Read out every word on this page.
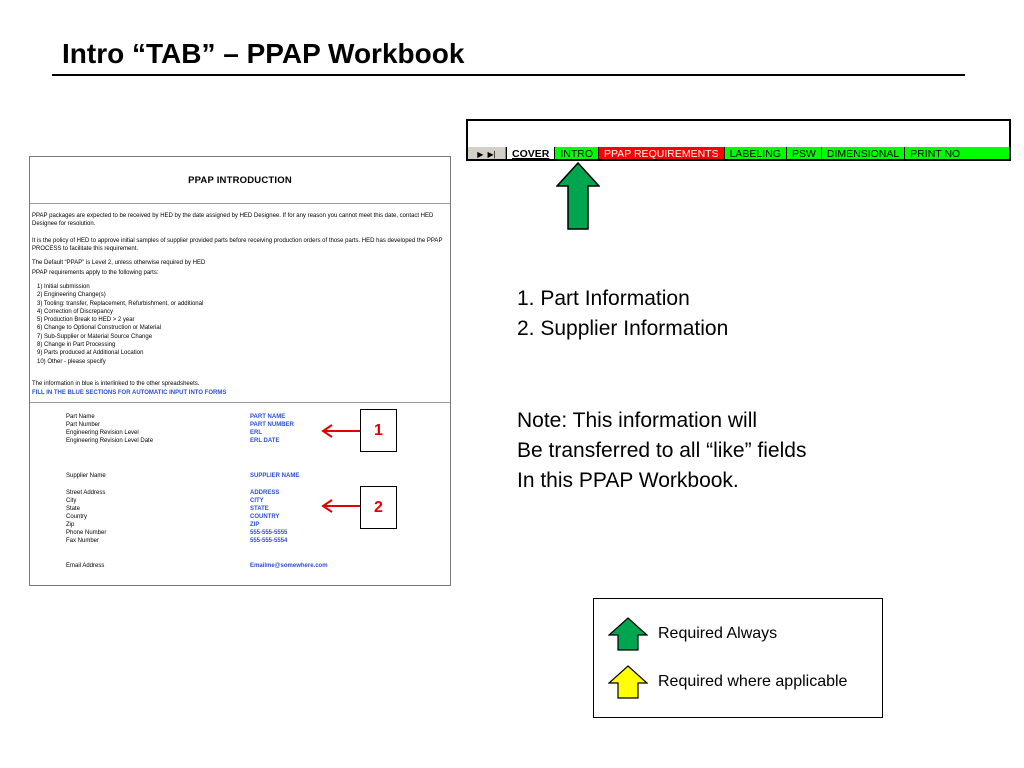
Intro “TAB” – PPAP Workbook
▶ ▶|	COVER	INTRO	PPAP REQUIREMENTS	LABELING	PSW	DIMENSIONAL	PRINT NO
PPAP INTRODUCTION
PPAP packages are expected to be received by HED by the date assigned by HED Designee. If for any reason you cannot meet this date, contact HED Designee for resolution.
It is the policy of HED to approve initial samples of supplier provided parts before receiving production orders of those parts. HED has developed the PPAP PROCESS to facilitate this requirement.
The Default “PPAP” is Level 2, unless otherwise required by HED
PPAP requirements apply to the following parts:
1) Initial submission
2) Engineering Change(s)
3) Tooling: transfer, Replacement, Refurbishment, or additional
4) Correction of Discrepancy
5) Production Break to HED > 2 year
6) Change to Optional Construction or Material
7) Sub-Supplier or Material Source Change
8) Change in Part Processing
9) Parts produced at Additional Location
10) Other - please specify
The information in blue is interlinked to the other spreadsheets.
FILL IN THE BLUE SECTIONS FOR AUTOMATIC INPUT INTO FORMS
Part Name	PART NAME
Part Number	PART NUMBER
Engineering Revision Level	ERL
Engineering Revision Level Date	ERL DATE
Supplier Name	SUPPLIER NAME
Street Address	ADDRESS
City	CITY
State	STATE
Country	COUNTRY
Zip	ZIP
Phone Number	555-555-5555
Fax Number	555-555-5554
Email Address	Emailme@somewhere.com
1
2
1. Part Information
2. Supplier Information
Note: This information will
Be transferred to all “like” fields
In this PPAP Workbook.
Required Always
Required where applicable
